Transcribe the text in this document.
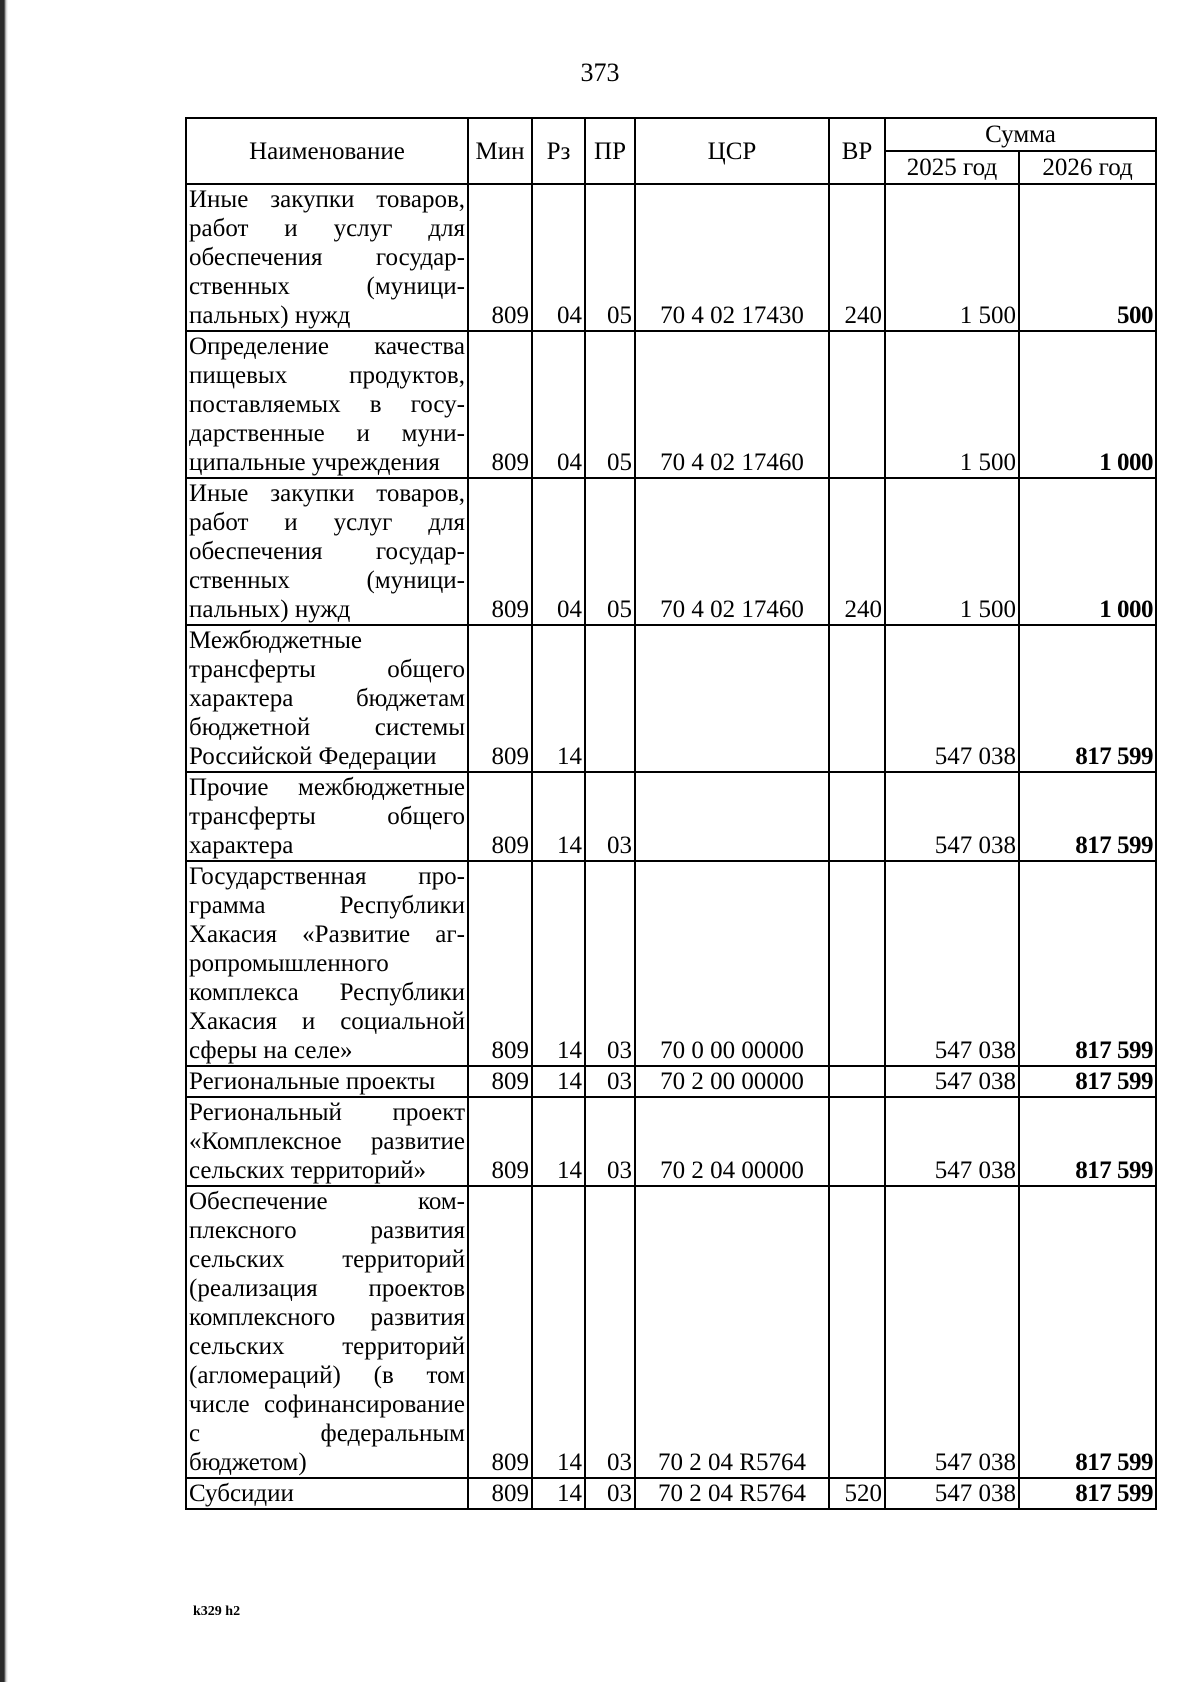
373
Наименование	Мин	Рз	ПР	ЦСР	ВР	Сумма	
						2025 год	2026 год
Иные закупки товаров, работ и услуг для обеспечения государственных (муниципальных) нужд	809	04	05	70 4 02 17430	240	1 500	500
Определение качества пищевых продуктов, поставляемых в государственные и муниципальные учреждения	809	04	05	70 4 02 17460		1 500	1 000
Иные закупки товаров, работ и услуг для обеспечения государственных (муниципальных) нужд	809	04	05	70 4 02 17460	240	1 500	1 000
Межбюджетные трансферты общего характера бюджетам бюджетной системы Российской Федерации	809	14				547 038	817 599
Прочие межбюджетные трансферты общего характера	809	14	03			547 038	817 599
Государственная программа Республики Хакасия «Развитие агропромышленного комплекса Республики Хакасия и социальной сферы на селе»	809	14	03	70 0 00 00000		547 038	817 599
Региональные проекты	809	14	03	70 2 00 00000		547 038	817 599
Региональный проект «Комплексное развитие сельских территорий»	809	14	03	70 2 04 00000		547 038	817 599
Обеспечение комплексного развития сельских территорий (реализация проектов комплексного развития сельских территорий (агломераций) (в том числе софинансирование с федеральным бюджетом)	809	14	03	70 2 04 R5764		547 038	817 599
Субсидии	809	14	03	70 2 04 R5764	520	547 038	817 599
k329 h2
